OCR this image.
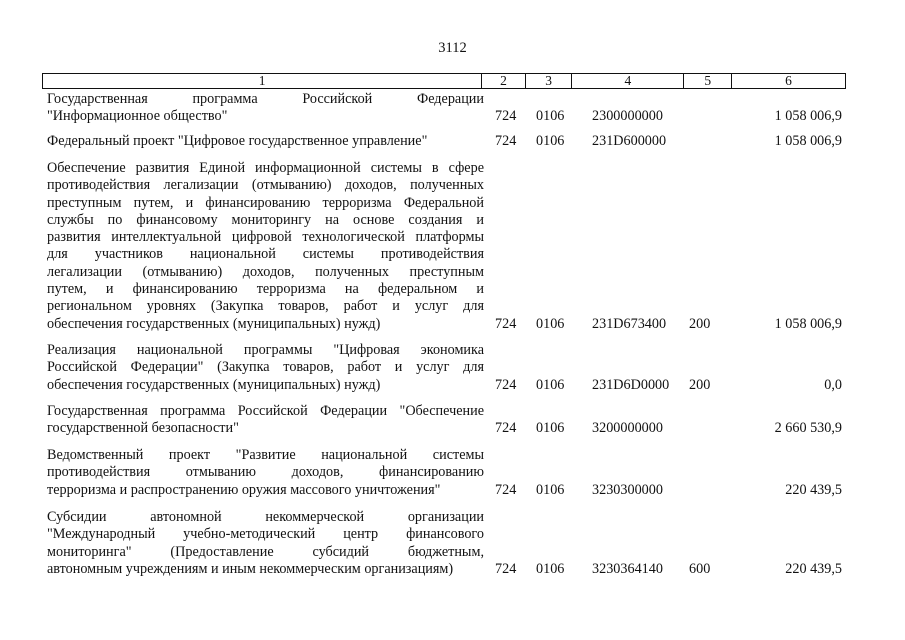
3112
1	2	3	4	5	6
Государственная программа Российской Федерации
"Информационное общество"	724 0106 2300000000	1 058 006,9
Федеральный проект "Цифровое государственное управление"	724 0106 231D600000	1 058 006,9
Обеспечение развития Единой информационной системы в сфере
противодействия легализации (отмыванию) доходов, полученных
преступным путем, и финансированию терроризма Федеральной
службы по финансовому мониторингу на основе создания и
развития интеллектуальной цифровой технологической платформы
для участников национальной системы противодействия
легализации (отмыванию) доходов, полученных преступным
путем, и финансированию терроризма на федеральном и
региональном уровнях (Закупка товаров, работ и услуг для
обеспечения государственных (муниципальных) нужд)	724 0106 231D673400 200	1 058 006,9
Реализация национальной программы "Цифровая экономика
Российской Федерации" (Закупка товаров, работ и услуг для
обеспечения государственных (муниципальных) нужд)	724 0106 231D6D0000 200	0,0
Государственная программа Российской Федерации "Обеспечение
государственной безопасности"	724 0106 3200000000	2 660 530,9
Ведомственный проект "Развитие национальной системы
противодействия отмыванию доходов, финансированию
терроризма и распространению оружия массового уничтожения"	724 0106 3230300000	220 439,5
Субсидии автономной некоммерческой организации
"Международный учебно-методический центр финансового
мониторинга" (Предоставление субсидий бюджетным,
автономным учреждениям и иным некоммерческим организациям)	724 0106 3230364140 600	220 439,5
